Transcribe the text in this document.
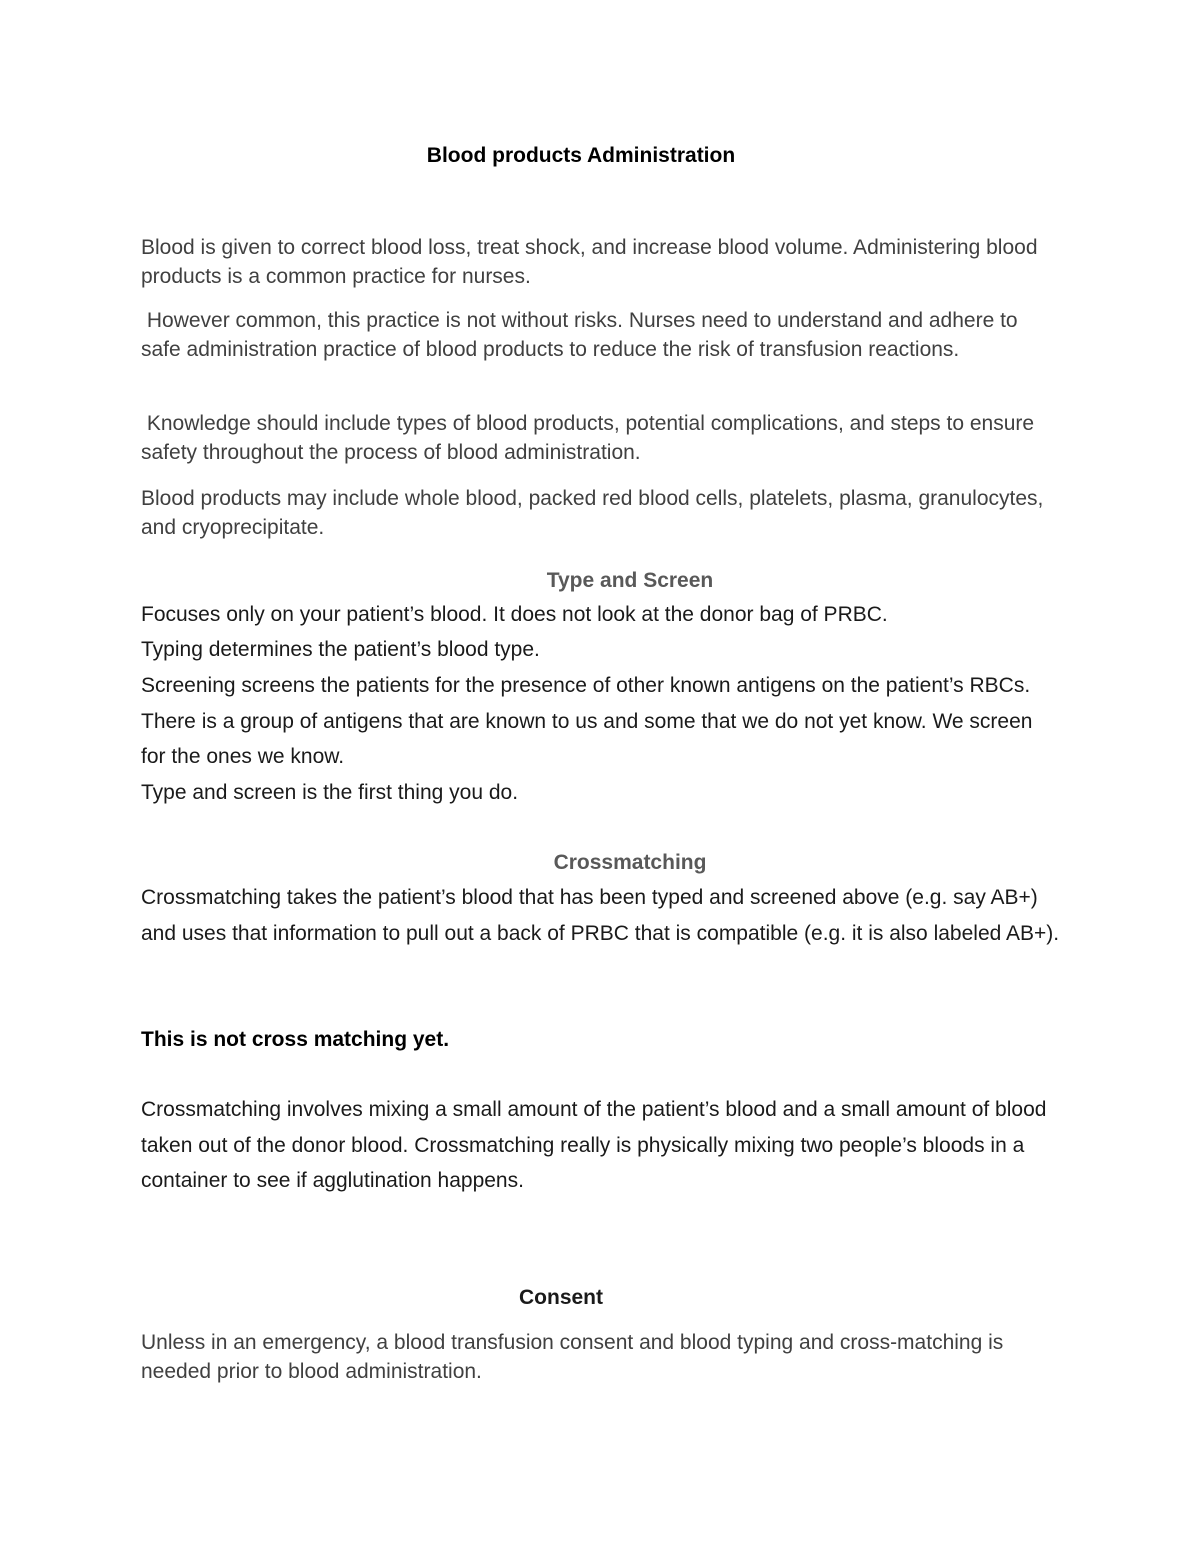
Blood products Administration

Blood is given to correct blood loss, treat shock, and increase blood volume. Administering blood products is a common practice for nurses.

However common, this practice is not without risks. Nurses need to understand and adhere to safe administration practice of blood products to reduce the risk of transfusion reactions.

Knowledge should include types of blood products, potential complications, and steps to ensure safety throughout the process of blood administration.

Blood products may include whole blood, packed red blood cells, platelets, plasma, granulocytes, and cryoprecipitate.

Type and Screen

Focuses only on your patient’s blood. It does not look at the donor bag of PRBC.

Typing determines the patient’s blood type.

Screening screens the patients for the presence of other known antigens on the patient’s RBCs. There is a group of antigens that are known to us and some that we do not yet know. We screen for the ones we know.

Type and screen is the first thing you do.

Crossmatching

Crossmatching takes the patient’s blood that has been typed and screened above (e.g. say AB+) and uses that information to pull out a back of PRBC that is compatible (e.g. it is also labeled AB+).

This is not cross matching yet.

Crossmatching involves mixing a small amount of the patient’s blood and a small amount of blood taken out of the donor blood. Crossmatching really is physically mixing two people’s bloods in a container to see if agglutination happens.

Consent

Unless in an emergency, a blood transfusion consent and blood typing and cross-matching is needed prior to blood administration.
